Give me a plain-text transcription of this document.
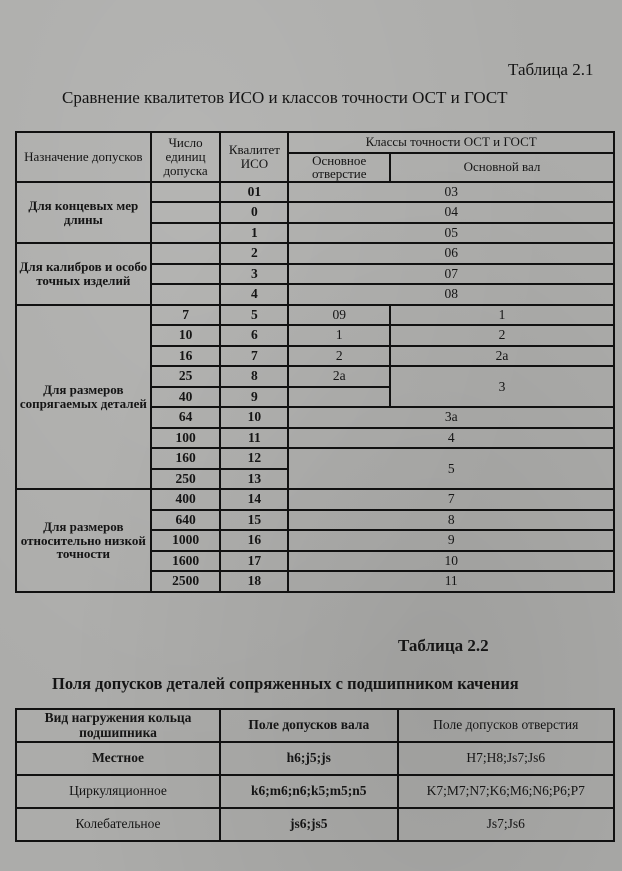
Таблица 2.1
Сравнение квалитетов ИСО и классов точности ОСТ и ГОСТ
Назначение допусков	Число единиц допуска	Квалитет ИСО	Классы точности ОСТ и ГОСТ	
			Основное отверстие	Основной вал
Для концевых мер длины		01	03	
		0	04	
		1	05	
Для калибров и особо точных изделий		2	06	
		3	07	
		4	08	
Для размеров сопрягаемых деталей	7	5	09	1
	10	6	1	2
	16	7	2	2а
	25	8	2а	3
	40	9		
	64	10	3а	
	100	11	4	
	160	12	5	
	250	13		
Для размеров относительно низкой точности	400	14	7	
	640	15	8	
	1000	16	9	
	1600	17	10	
	2500	18	11	
Таблица 2.2
Поля допусков деталей сопряженных с подшипником качения
Вид нагружения кольца подшипника	Поле допусков вала	Поле допусков отверстия
Местное	h6;j5;js	H7;H8;Js7;Js6
Циркуляционное	k6;m6;n6;k5;m5;n5	K7;M7;N7;K6;M6;N6;P6;P7
Колебательное	js6;js5	Js7;Js6
